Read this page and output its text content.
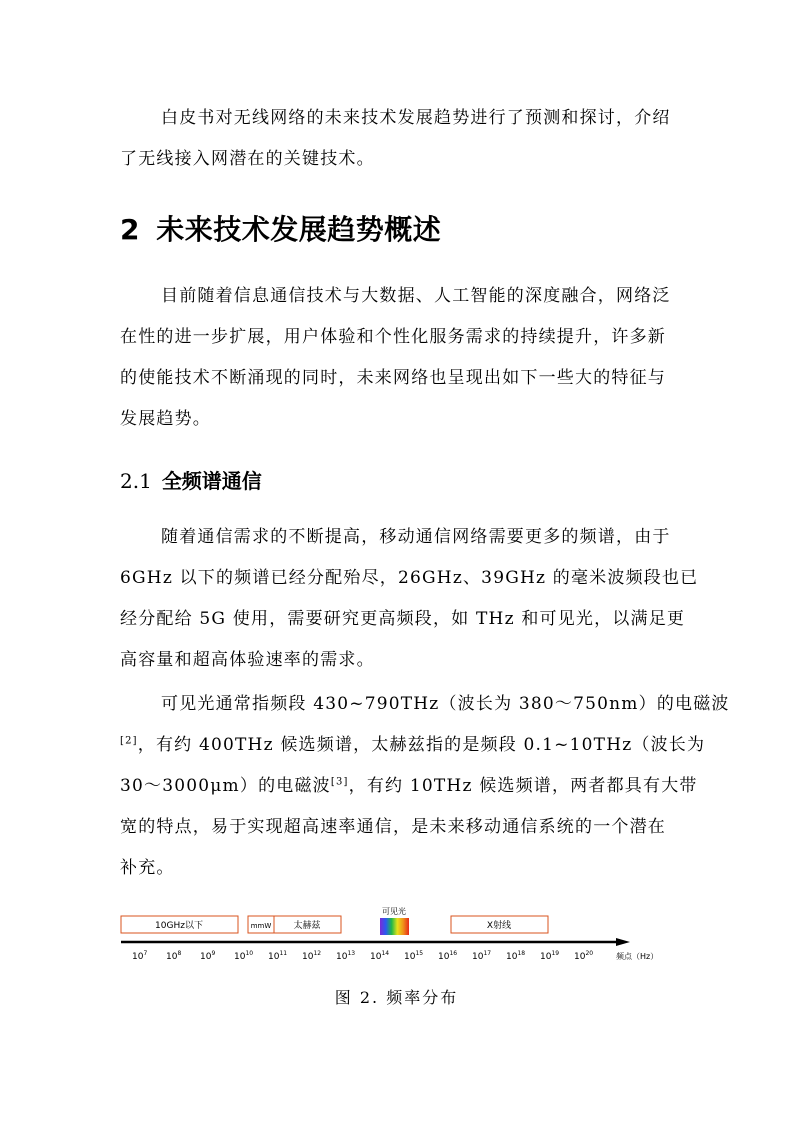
白皮书对无线网络的未来技术发展趋势进行了预测和探讨，介绍
了无线接入网潜在的关键技术。
2 未来技术发展趋势概述
目前随着信息通信技术与大数据、人工智能的深度融合，网络泛
在性的进一步扩展，用户体验和个性化服务需求的持续提升，许多新
的使能技术不断涌现的同时，未来网络也呈现出如下一些大的特征与
发展趋势。
2.1 全频谱通信
随着通信需求的不断提高，移动通信网络需要更多的频谱，由于
6GHz 以下的频谱已经分配殆尽，26GHz、39GHz 的毫米波频段也已
经分配给 5G 使用，需要研究更高频段，如 THz 和可见光，以满足更
高容量和超高体验速率的需求。
可见光通常指频段 430~790THz（波长为 380～750nm）的电磁波
[2]，有约 400THz 候选频谱，太赫兹指的是频段 0.1~10THz（波长为
30～3000μm）的电磁波[3]，有约 10THz 候选频谱，两者都具有大带
宽的特点，易于实现超高速率通信，是未来移动通信系统的一个潜在
补充。
10GHz以下	mmW 太赫兹
可见光
X射线
$10^7$ $10^8$ $10^9$ $10^{10}$ $10^{11}$ $10^{12}$ $10^{13}$ $10^{14}$ $10^{15}$ $10^{16}$ $10^{17}$ $10^{18}$ $10^{19}$ $10^{20}$	频点（Hz）
图 2. 频率分布
